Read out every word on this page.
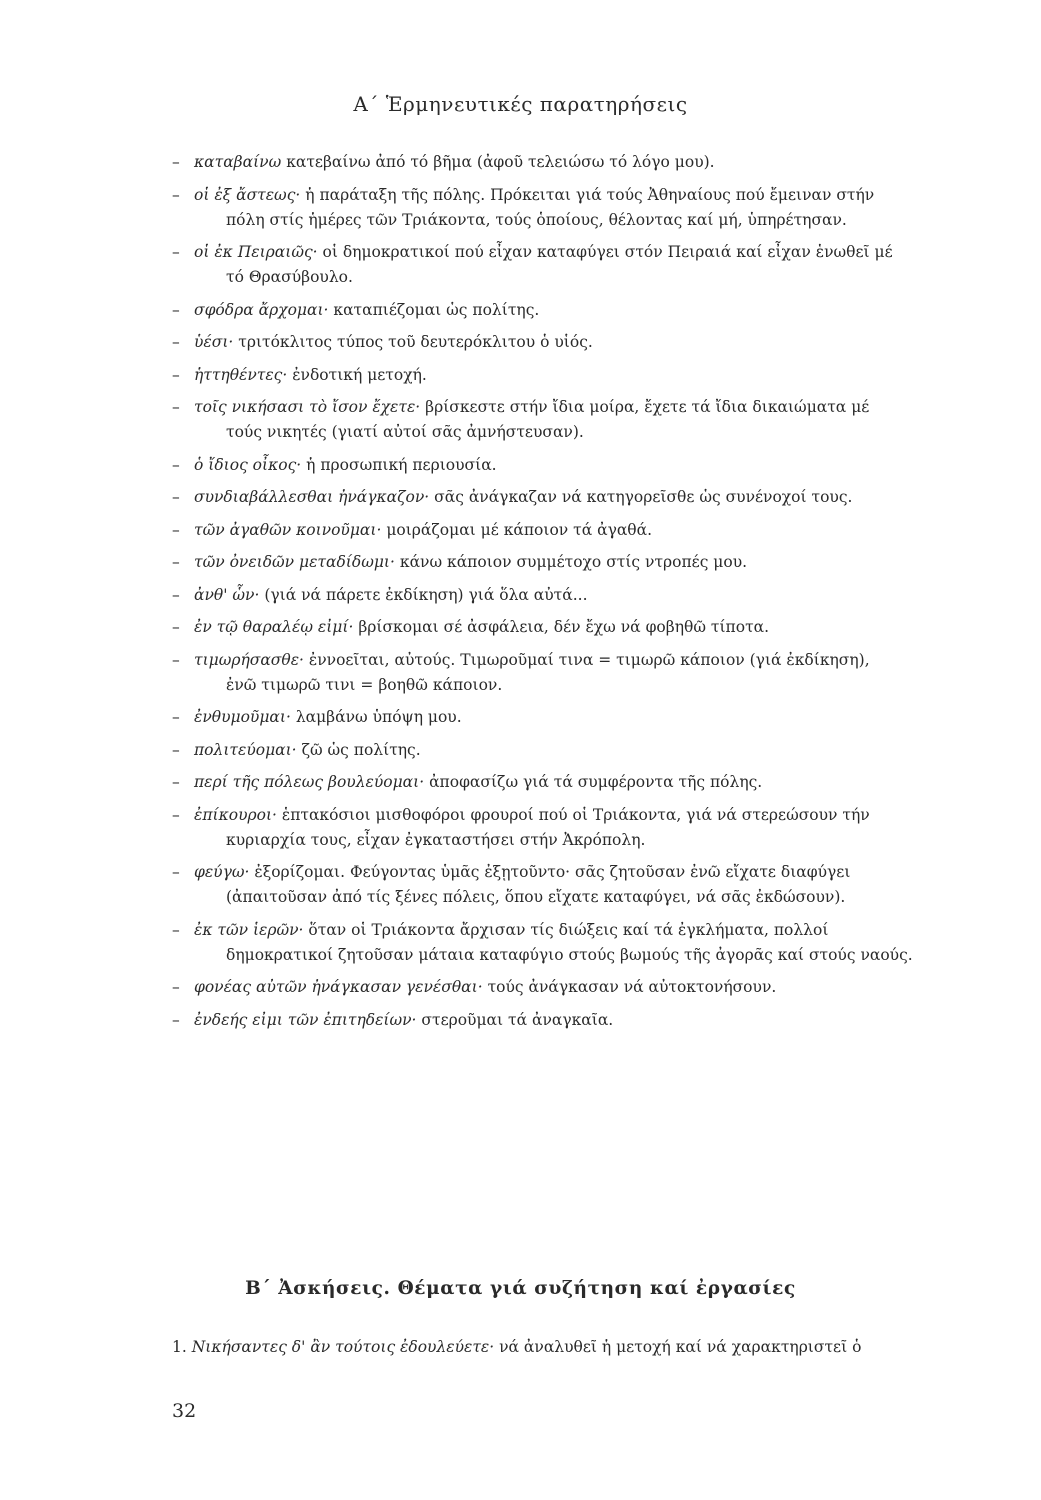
Α΄ Ἑρμηνευτικές παρατηρήσεις
– καταβαίνω κατεβαίνω ἀπό τό βῆμα (ἀφοῦ τελειώσω τό λόγο μου).
– οἱ ἐξ ἄστεως· ἡ παράταξη τῆς πόλης. Πρόκειται γιά τούς Ἀθηναίους πού ἔμειναν στήν
πόλη στίς ἡμέρες τῶν Τριάκοντα, τούς ὁποίους, θέλοντας καί μή, ὑπηρέτησαν.
– οἱ ἐκ Πειραιῶς· οἱ δημοκρατικοί πού εἶχαν καταφύγει στόν Πειραιά καί εἶχαν ἑνωθεῖ μέ
τό Θρασύβουλο.
– σφόδρα ἄρχομαι· καταπιέζομαι ὡς πολίτης.
– ὑέσι· τριτόκλιτος τύπος τοῦ δευτερόκλιτου ὁ υἱός.
– ἡττηθέντες· ἐνδοτική μετοχή.
– τοῖς νικήσασι τὸ ἴσον ἔχετε· βρίσκεστε στήν ἴδια μοίρα, ἔχετε τά ἴδια δικαιώματα μέ
τούς νικητές (γιατί αὐτοί σᾶς ἀμνήστευσαν).
– ὁ ἴδιος οἶκος· ἡ προσωπική περιουσία.
– συνδιαβάλλεσθαι ἠνάγκαζον· σᾶς ἀνάγκαζαν νά κατηγορεῖσθε ὡς συνένοχοί τους.
– τῶν ἀγαθῶν κοινοῦμαι· μοιράζομαι μέ κάποιον τά ἀγαθά.
– τῶν ὀνειδῶν μεταδίδωμι· κάνω κάποιον συμμέτοχο στίς ντροπές μου.
– ἀνθ' ὧν· (γιά νά πάρετε ἐκδίκηση) γιά ὅλα αὐτά...
– ἐν τῷ θαραλέῳ εἰμί· βρίσκομαι σέ ἀσφάλεια, δέν ἔχω νά φοβηθῶ τίποτα.
– τιμωρήσασθε· ἐννοεῖται, αὐτούς. Τιμωροῦμαί τινα = τιμωρῶ κάποιον (γιά ἐκδίκηση),
ἐνῶ τιμωρῶ τινι = βοηθῶ κάποιον.
– ἐνθυμοῦμαι· λαμβάνω ὑπόψη μου.
– πολιτεύομαι· ζῶ ὡς πολίτης.
– περί τῆς πόλεως βουλεύομαι· ἀποφασίζω γιά τά συμφέροντα τῆς πόλης.
– ἐπίκουροι· ἑπτακόσιοι μισθοφόροι φρουροί πού οἱ Τριάκοντα, γιά νά στερεώσουν τήν
κυριαρχία τους, εἶχαν ἐγκαταστήσει στήν Ἀκρόπολη.
– φεύγω· ἐξορίζομαι. Φεύγοντας ὑμᾶς ἐξῃτοῦντο· σᾶς ζητοῦσαν ἐνῶ εἴχατε διαφύγει
(ἀπαιτοῦσαν ἀπό τίς ξένες πόλεις, ὅπου εἴχατε καταφύγει, νά σᾶς ἐκδώσουν).
– ἐκ τῶν ἱερῶν· ὅταν οἱ Τριάκοντα ἄρχισαν τίς διώξεις καί τά ἐγκλήματα, πολλοί
δημοκρατικοί ζητοῦσαν μάταια καταφύγιο στούς βωμούς τῆς ἀγορᾶς καί στούς ναούς.
– φονέας αὐτῶν ἠνάγκασαν γενέσθαι· τούς ἀνάγκασαν νά αὐτοκτονήσουν.
– ἐνδεής εἰμι τῶν ἐπιτηδείων· στεροῦμαι τά ἀναγκαῖα.
Β΄ Ἀσκήσεις. Θέματα γιά συζήτηση καί ἐργασίες
1. Νικήσαντες δ' ἂν τούτοις ἐδουλεύετε· νά ἀναλυθεῖ ἡ μετοχή καί νά χαρακτηριστεῖ ὁ
32
